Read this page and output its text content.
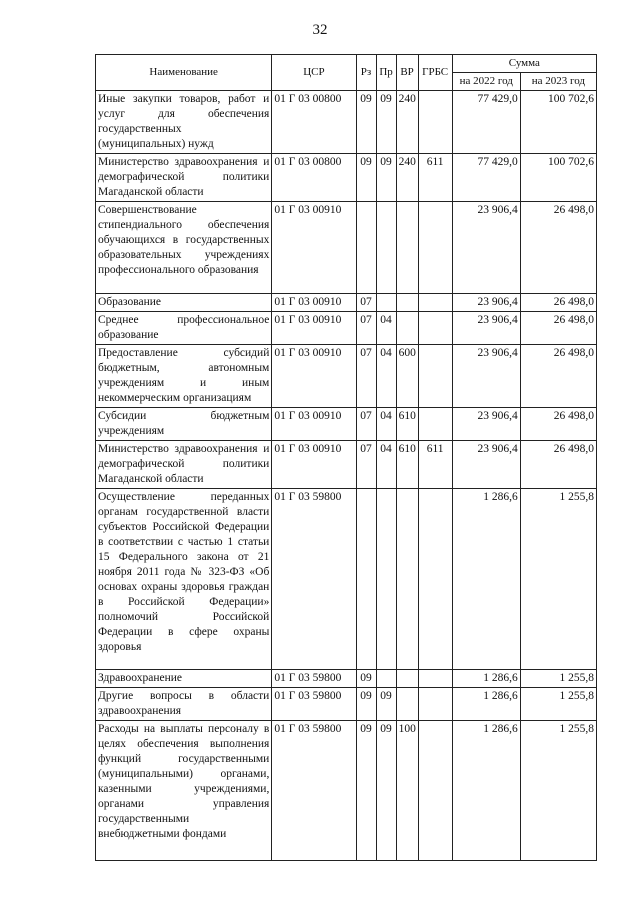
32
Наименование	ЦСР	Рз	Пр	ВР	ГРБС	Сумма	
						на 2022 год	на 2023 год
Иные закупки товаров, работ и услуг для обеспечения государственных (муниципальных) нужд	01 Г 03 00800	09	09	240		77 429,0	100 702,6
Министерство здравоохранения и демографической политики Магаданской области	01 Г 03 00800	09	09	240	611	77 429,0	100 702,6
Совершенствование стипендиального обеспечения обучающихся в государственных образовательных учреждениях профессионального образования	01 Г 03 00910					23 906,4	26 498,0
Образование	01 Г 03 00910	07				23 906,4	26 498,0
Среднее профессиональное образование	01 Г 03 00910	07	04			23 906,4	26 498,0
Предоставление субсидий бюджетным, автономным учреждениям и иным некоммерческим организациям	01 Г 03 00910	07	04	600		23 906,4	26 498,0
Субсидии бюджетным учреждениям	01 Г 03 00910	07	04	610		23 906,4	26 498,0
Министерство здравоохранения и демографической политики Магаданской области	01 Г 03 00910	07	04	610	611	23 906,4	26 498,0
Осуществление переданных органам государственной власти субъектов Российской Федерации в соответствии с частью 1 статьи 15 Федерального закона от 21 ноября 2011 года № 323-ФЗ «Об основах охраны здоровья граждан в Российской Федерации» полномочий Российской Федерации в сфере охраны здоровья	01 Г 03 59800					1 286,6	1 255,8
Здравоохранение	01 Г 03 59800	09				1 286,6	1 255,8
Другие вопросы в области здравоохранения	01 Г 03 59800	09	09			1 286,6	1 255,8
Расходы на выплаты персоналу в целях обеспечения выполнения функций государственными (муниципальными) органами, казенными учреждениями, органами управления государственными внебюджетными фондами	01 Г 03 59800	09	09	100		1 286,6	1 255,8
